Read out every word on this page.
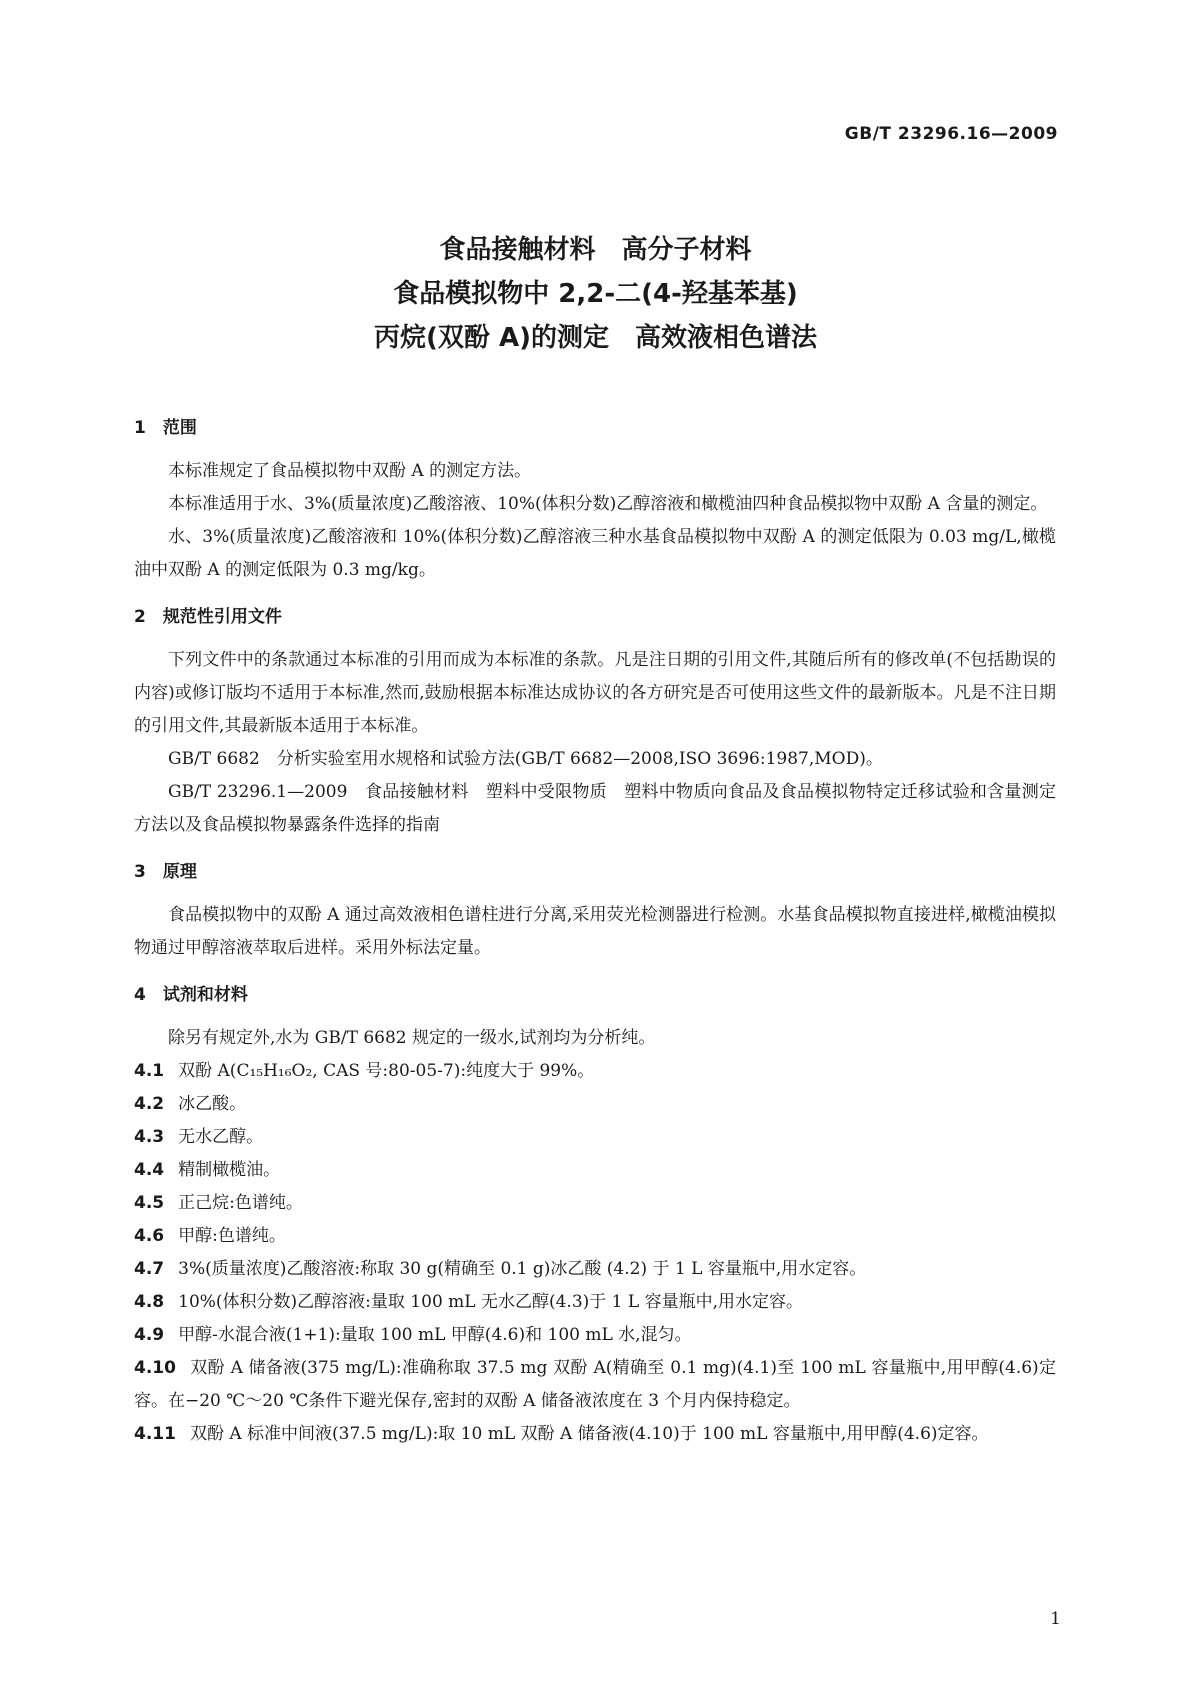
GB/T 23296.16—2009
食品接触材料　高分子材料
食品模拟物中 2,2-二(4-羟基苯基)
丙烷(双酚 A)的测定　高效液相色谱法
1　范围

本标准规定了食品模拟物中双酚 A 的测定方法。

本标准适用于水、3%(质量浓度)乙酸溶液、10%(体积分数)乙醇溶液和橄榄油四种食品模拟物中双酚 A 含量的测定。

水、3%(质量浓度)乙酸溶液和 10%(体积分数)乙醇溶液三种水基食品模拟物中双酚 A 的测定低限为 0.03 mg/L,橄榄油中双酚 A 的测定低限为 0.3 mg/kg。

2　规范性引用文件

下列文件中的条款通过本标准的引用而成为本标准的条款。凡是注日期的引用文件,其随后所有的修改单(不包括勘误的内容)或修订版均不适用于本标准,然而,鼓励根据本标准达成协议的各方研究是否可使用这些文件的最新版本。凡是不注日期的引用文件,其最新版本适用于本标准。

GB/T 6682　分析实验室用水规格和试验方法(GB/T 6682—2008,ISO 3696:1987,MOD)。

GB/T 23296.1—2009　食品接触材料　塑料中受限物质　塑料中物质向食品及食品模拟物特定迁移试验和含量测定方法以及食品模拟物暴露条件选择的指南

3　原理

食品模拟物中的双酚 A 通过高效液相色谱柱进行分离,采用荧光检测器进行检测。水基食品模拟物直接进样,橄榄油模拟物通过甲醇溶液萃取后进样。采用外标法定量。

4　试剂和材料

除另有规定外,水为 GB/T 6682 规定的一级水,试剂均为分析纯。

4.1 双酚 A(C₁₅H₁₆O₂, CAS 号:80-05-7):纯度大于 99%。

4.2 冰乙酸。

4.3 无水乙醇。

4.4 精制橄榄油。

4.5 正己烷:色谱纯。

4.6 甲醇:色谱纯。

4.7 3%(质量浓度)乙酸溶液:称取 30 g(精确至 0.1 g)冰乙酸 (4.2) 于 1 L 容量瓶中,用水定容。

4.8 10%(体积分数)乙醇溶液:量取 100 mL 无水乙醇(4.3)于 1 L 容量瓶中,用水定容。

4.9 甲醇-水混合液(1+1):量取 100 mL 甲醇(4.6)和 100 mL 水,混匀。

4.10 双酚 A 储备液(375 mg/L):准确称取 37.5 mg 双酚 A(精确至 0.1 mg)(4.1)至 100 mL 容量瓶中,用甲醇(4.6)定容。在−20 ℃～20 ℃条件下避光保存,密封的双酚 A 储备液浓度在 3 个月内保持稳定。

4.11 双酚 A 标准中间液(37.5 mg/L):取 10 mL 双酚 A 储备液(4.10)于 100 mL 容量瓶中,用甲醇(4.6)定容。

1
